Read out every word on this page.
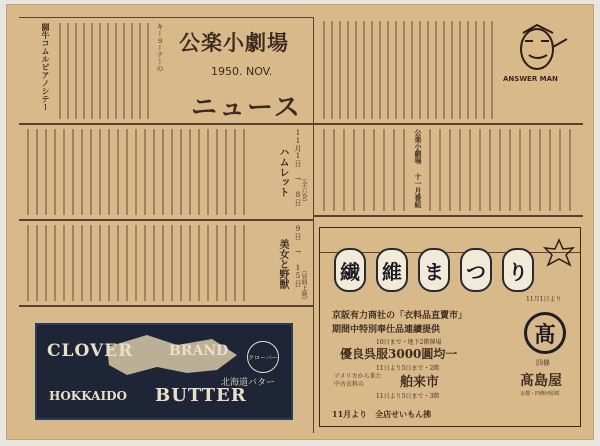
闘牛コムルピアノシテー	キーヨーテーの 公楽小劇場
1950. NOV.
ニュース
11月1日 → 8日
（全六巻）
ハムレット
9日 → 15日
（昼間上映）
美女と野獣
CLOVER	BRAND	クローバー
北海道バター
HOKKAIDO BUTTER
ANSWER MAN
公楽小劇場 十一月番組
繊	維	ま	つ	り
11月1日より
京阪有力商社の「衣料品直賣市」
期間中特別奉仕品連續提供
10日まで・地下2階催場
優良呉服3000圓均一
11日より5日まで・2階
アメリカから来た
中古衣料の	舶来市
11日より5日まで・3階
11月より　全店せいもん拂
髙
四條
髙島屋
京都・四條河原町
